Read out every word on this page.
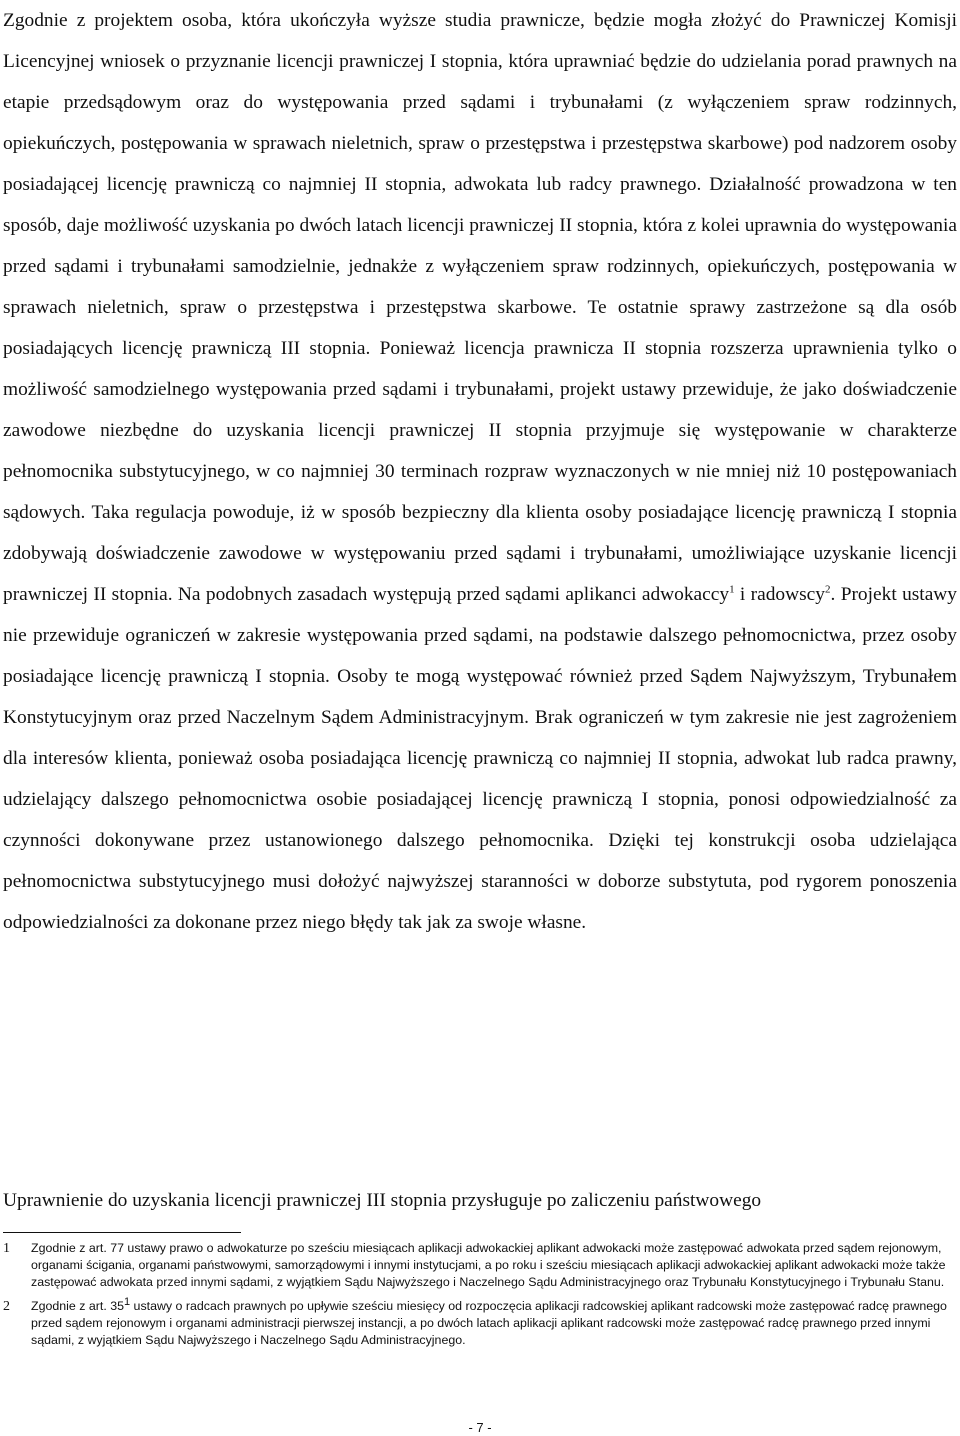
Zgodnie z projektem osoba, która ukończyła wyższe studia prawnicze, będzie mogła złożyć do Prawniczej Komisji Licencyjnej wniosek o przyznanie licencji prawniczej I stopnia, która uprawniać będzie do udzielania porad prawnych na etapie przedsądowym oraz do występowania przed sądami i trybunałami (z wyłączeniem spraw rodzinnych, opiekuńczych, postępowania w sprawach nieletnich, spraw o przestępstwa i przestępstwa skarbowe) pod nadzorem osoby posiadającej licencję prawniczą co najmniej II stopnia, adwokata lub radcy prawnego. Działalność prowadzona w ten sposób, daje możliwość uzyskania po dwóch latach licencji prawniczej II stopnia, która z kolei uprawnia do występowania przed sądami i trybunałami samodzielnie, jednakże z wyłączeniem spraw rodzinnych, opiekuńczych, postępowania w sprawach nieletnich, spraw o przestępstwa i przestępstwa skarbowe. Te ostatnie sprawy zastrzeżone są dla osób posiadających licencję prawniczą III stopnia. Ponieważ licencja prawnicza II stopnia rozszerza uprawnienia tylko o możliwość samodzielnego występowania przed sądami i trybunałami, projekt ustawy przewiduje, że jako doświadczenie zawodowe niezbędne do uzyskania licencji prawniczej II stopnia przyjmuje się występowanie w charakterze pełnomocnika substytucyjnego, w co najmniej 30 terminach rozpraw wyznaczonych w nie mniej niż 10 postępowaniach sądowych. Taka regulacja powoduje, iż w sposób bezpieczny dla klienta osoby posiadające licencję prawniczą I stopnia zdobywają doświadczenie zawodowe w występowaniu przed sądami i trybunałami, umożliwiające uzyskanie licencji prawniczej II stopnia. Na podobnych zasadach występują przed sądami aplikanci adwokaccy$^1$ i radowscy$^2$. Projekt ustawy nie przewiduje ograniczeń w zakresie występowania przed sądami, na podstawie dalszego pełnomocnictwa, przez osoby posiadające licencję prawniczą I stopnia. Osoby te mogą występować również przed Sądem Najwyższym, Trybunałem Konstytucyjnym oraz przed Naczelnym Sądem Administracyjnym. Brak ograniczeń w tym zakresie nie jest zagrożeniem dla interesów klienta, ponieważ osoba posiadająca licencję prawniczą co najmniej II stopnia, adwokat lub radca prawny, udzielający dalszego pełnomocnictwa osobie posiadającej licencję prawniczą I stopnia, ponosi odpowiedzialność za czynności dokonywane przez ustanowionego dalszego pełnomocnika. Dzięki tej konstrukcji osoba udzielająca pełnomocnictwa substytucyjnego musi dołożyć najwyższej staranności w doborze substytuta, pod rygorem ponoszenia odpowiedzialności za dokonane przez niego błędy tak jak za swoje własne.

Uprawnienie do uzyskania licencji prawniczej III stopnia przysługuje po zaliczeniu państwowego

1	Zgodnie z art. 77 ustawy prawo o adwokaturze po sześciu miesiącach aplikacji adwokackiej aplikant adwokacki może zastępować adwokata przed sądem rejonowym, organami ścigania, organami państwowymi, samorządowymi i innymi instytucjami, a po roku i sześciu miesiącach aplikacji adwokackiej aplikant adwokacki może także zastępować adwokata przed innymi sądami, z wyjątkiem Sądu Najwyższego i Naczelnego Sądu Administracyjnego oraz Trybunału Konstytucyjnego i Trybunału Stanu.
2	Zgodnie z art. $35^1$ ustawy o radcach prawnych po upływie sześciu miesięcy od rozpoczęcia aplikacji radcowskiej aplikant radcowski może zastępować radcę prawnego przed sądem rejonowym i organami administracji pierwszej instancji, a po dwóch latach aplikacji aplikant radcowski może zastępować radcę prawnego przed innymi sądami, z wyjątkiem Sądu Najwyższego i Naczelnego Sądu Administracyjnego.
- 7 -
